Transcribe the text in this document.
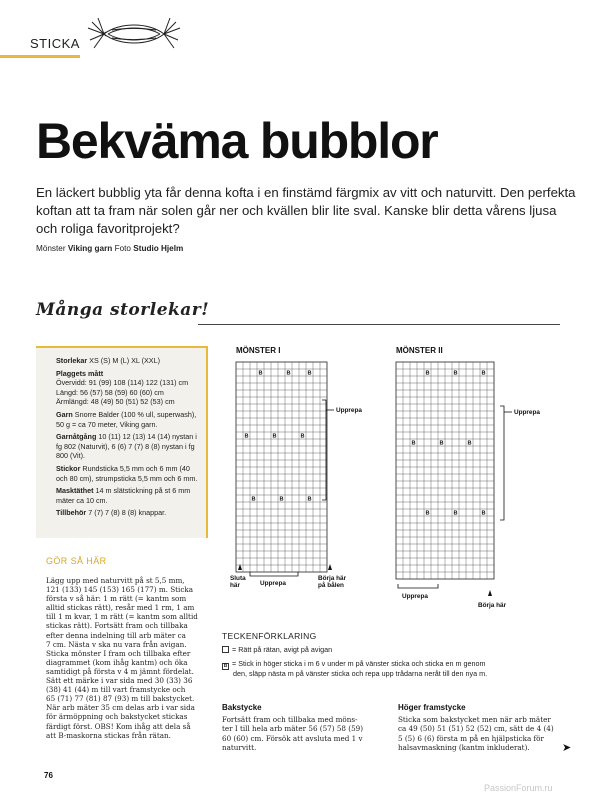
STICKA
Bekväma bubblor
En läckert bubblig yta får denna kofta i en finstämd färgmix av vitt och naturvitt. Den perfekta koftan att ta fram när solen går ner och kvällen blir lite sval. Kanske blir detta vårens ljusa och roliga favoritprojekt?
Mönster Viking garn Foto Studio Hjelm
Många storlekar!

Storlekar XS (S) M (L) XL (XXL)

Plaggets mått
Övervidd: 91 (99) 108 (114) 122 (131) cm
Längd: 56 (57) 58 (59) 60 (60) cm
Ärmlängd: 48 (49) 50 (51) 52 (53) cm

Garn Snorre Balder (100 % ull, superwash), 50 g = ca 70 meter, Viking garn.

Garnåtgång 10 (11) 12 (13) 14 (14) nystan i fg 802 (Naturvit), 6 (6) 7 (7) 8 (8) nystan i fg 800 (Vit).

Stickor Rundsticka 5,5 mm och 6 mm (40 och 80 cm), strumpsticka 5,5 mm och 6 mm.

Masktäthet 14 m slätstickning på st 6 mm mäter ca 10 cm.

Tillbehör 7 (7) 7 (8) 8 (8) knappar.

GÖR SÅ HÄR
Lägg upp med naturvitt på st 5,5 mm,
121 (133) 145 (153) 165 (177) m. Sticka
första v så här: 1 m rätt (= kantm som
alltid stickas rätt), resår med 1 rm, 1 am
till 1 m kvar, 1 m rätt (= kantm som alltid
stickas rätt). Fortsätt fram och tillbaka
efter denna indelning till arb mäter ca
7 cm. Nästa v ska nu vara från avigan.
Sticka mönster I fram och tillbaka efter
diagrammet (kom ihåg kantm) och öka
samtidigt på första v 4 m jämnt fördelat.
Sätt ett märke i var sida med 30 (33) 36
(38) 41 (44) m till vart framstycke och
65 (71) 77 (81) 87 (93) m till bakstycket.
När arb mäter 35 cm delas arb i var sida
för ärmöppning och bakstycket stickas
färdigt först. OBS! Kom ihåg att dela så
att B-maskorna stickas från rätan.
MÖNSTER I	MÖNSTER II
B	B	B
B	B	B
B	B	B
B	B	B
B	B	B
B	B	B
Upprepa
Upprepa
Sluta
här
Börja här
på bålen
Upprepa
Upprepa
Börja här
TECKENFÖRKLARING
= Rätt på rätan, avigt på avigan
B = Stick in höger sticka i m 6 v under m på vänster sticka och sticka en m genom
den, släpp nästa m på vänster sticka och repa upp trådarna neråt till den nya m.
Bakstycke
Fortsätt fram och tillbaka med möns-
ter I till hela arb mäter 56 (57) 58 (59)
60 (60) cm. Försök att avsluta med 1 v
naturvitt.
Höger framstycke
Sticka som bakstycket men när arb mäter
ca 49 (50) 51 (51) 52 (52) cm, sätt de 4 (4)
5 (5) 6 (6) första m på en hjälpsticka för
halsavmaskning (kantm inkluderat).	➤
76
PassionForum.ru
